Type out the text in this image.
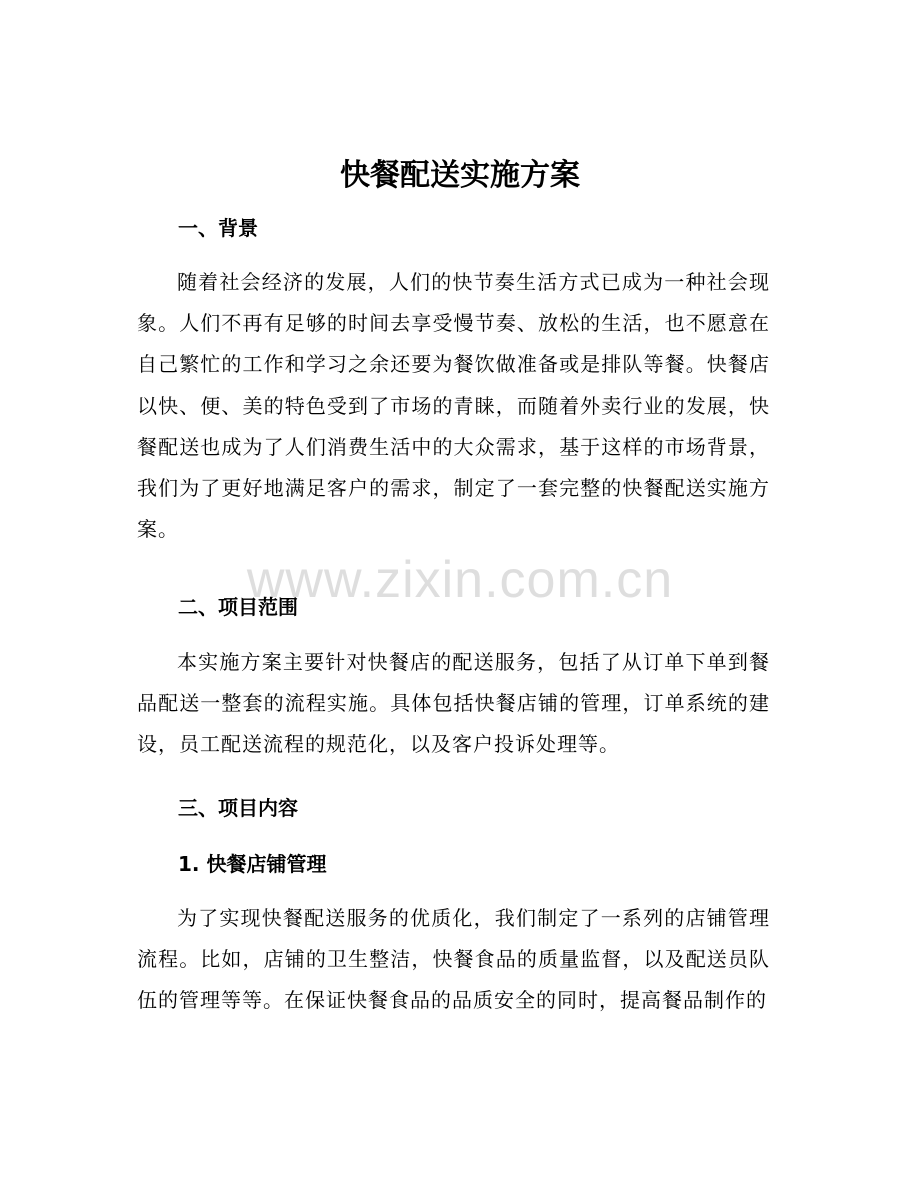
快餐配送实施方案
一、背景

随着社会经济的发展，人们的快节奏生活方式已成为一种社会现象。人们不再有足够的时间去享受慢节奏、放松的生活，也不愿意在自己繁忙的工作和学习之余还要为餐饮做准备或是排队等餐。快餐店以快、便、美的特色受到了市场的青睐，而随着外卖行业的发展，快餐配送也成为了人们消费生活中的大众需求，基于这样的市场背景，我们为了更好地满足客户的需求，制定了一套完整的快餐配送实施方案。

二、项目范围

本实施方案主要针对快餐店的配送服务，包括了从订单下单到餐品配送一整套的流程实施。具体包括快餐店铺的管理，订单系统的建设，员工配送流程的规范化，以及客户投诉处理等。

三、项目内容
1. 快餐店铺管理

为了实现快餐配送服务的优质化，我们制定了一系列的店铺管理流程。比如，店铺的卫生整洁，快餐食品的质量监督，以及配送员队伍的管理等等。在保证快餐食品的品质安全的同时，提高餐品制作的

www.zixin.com.cn
